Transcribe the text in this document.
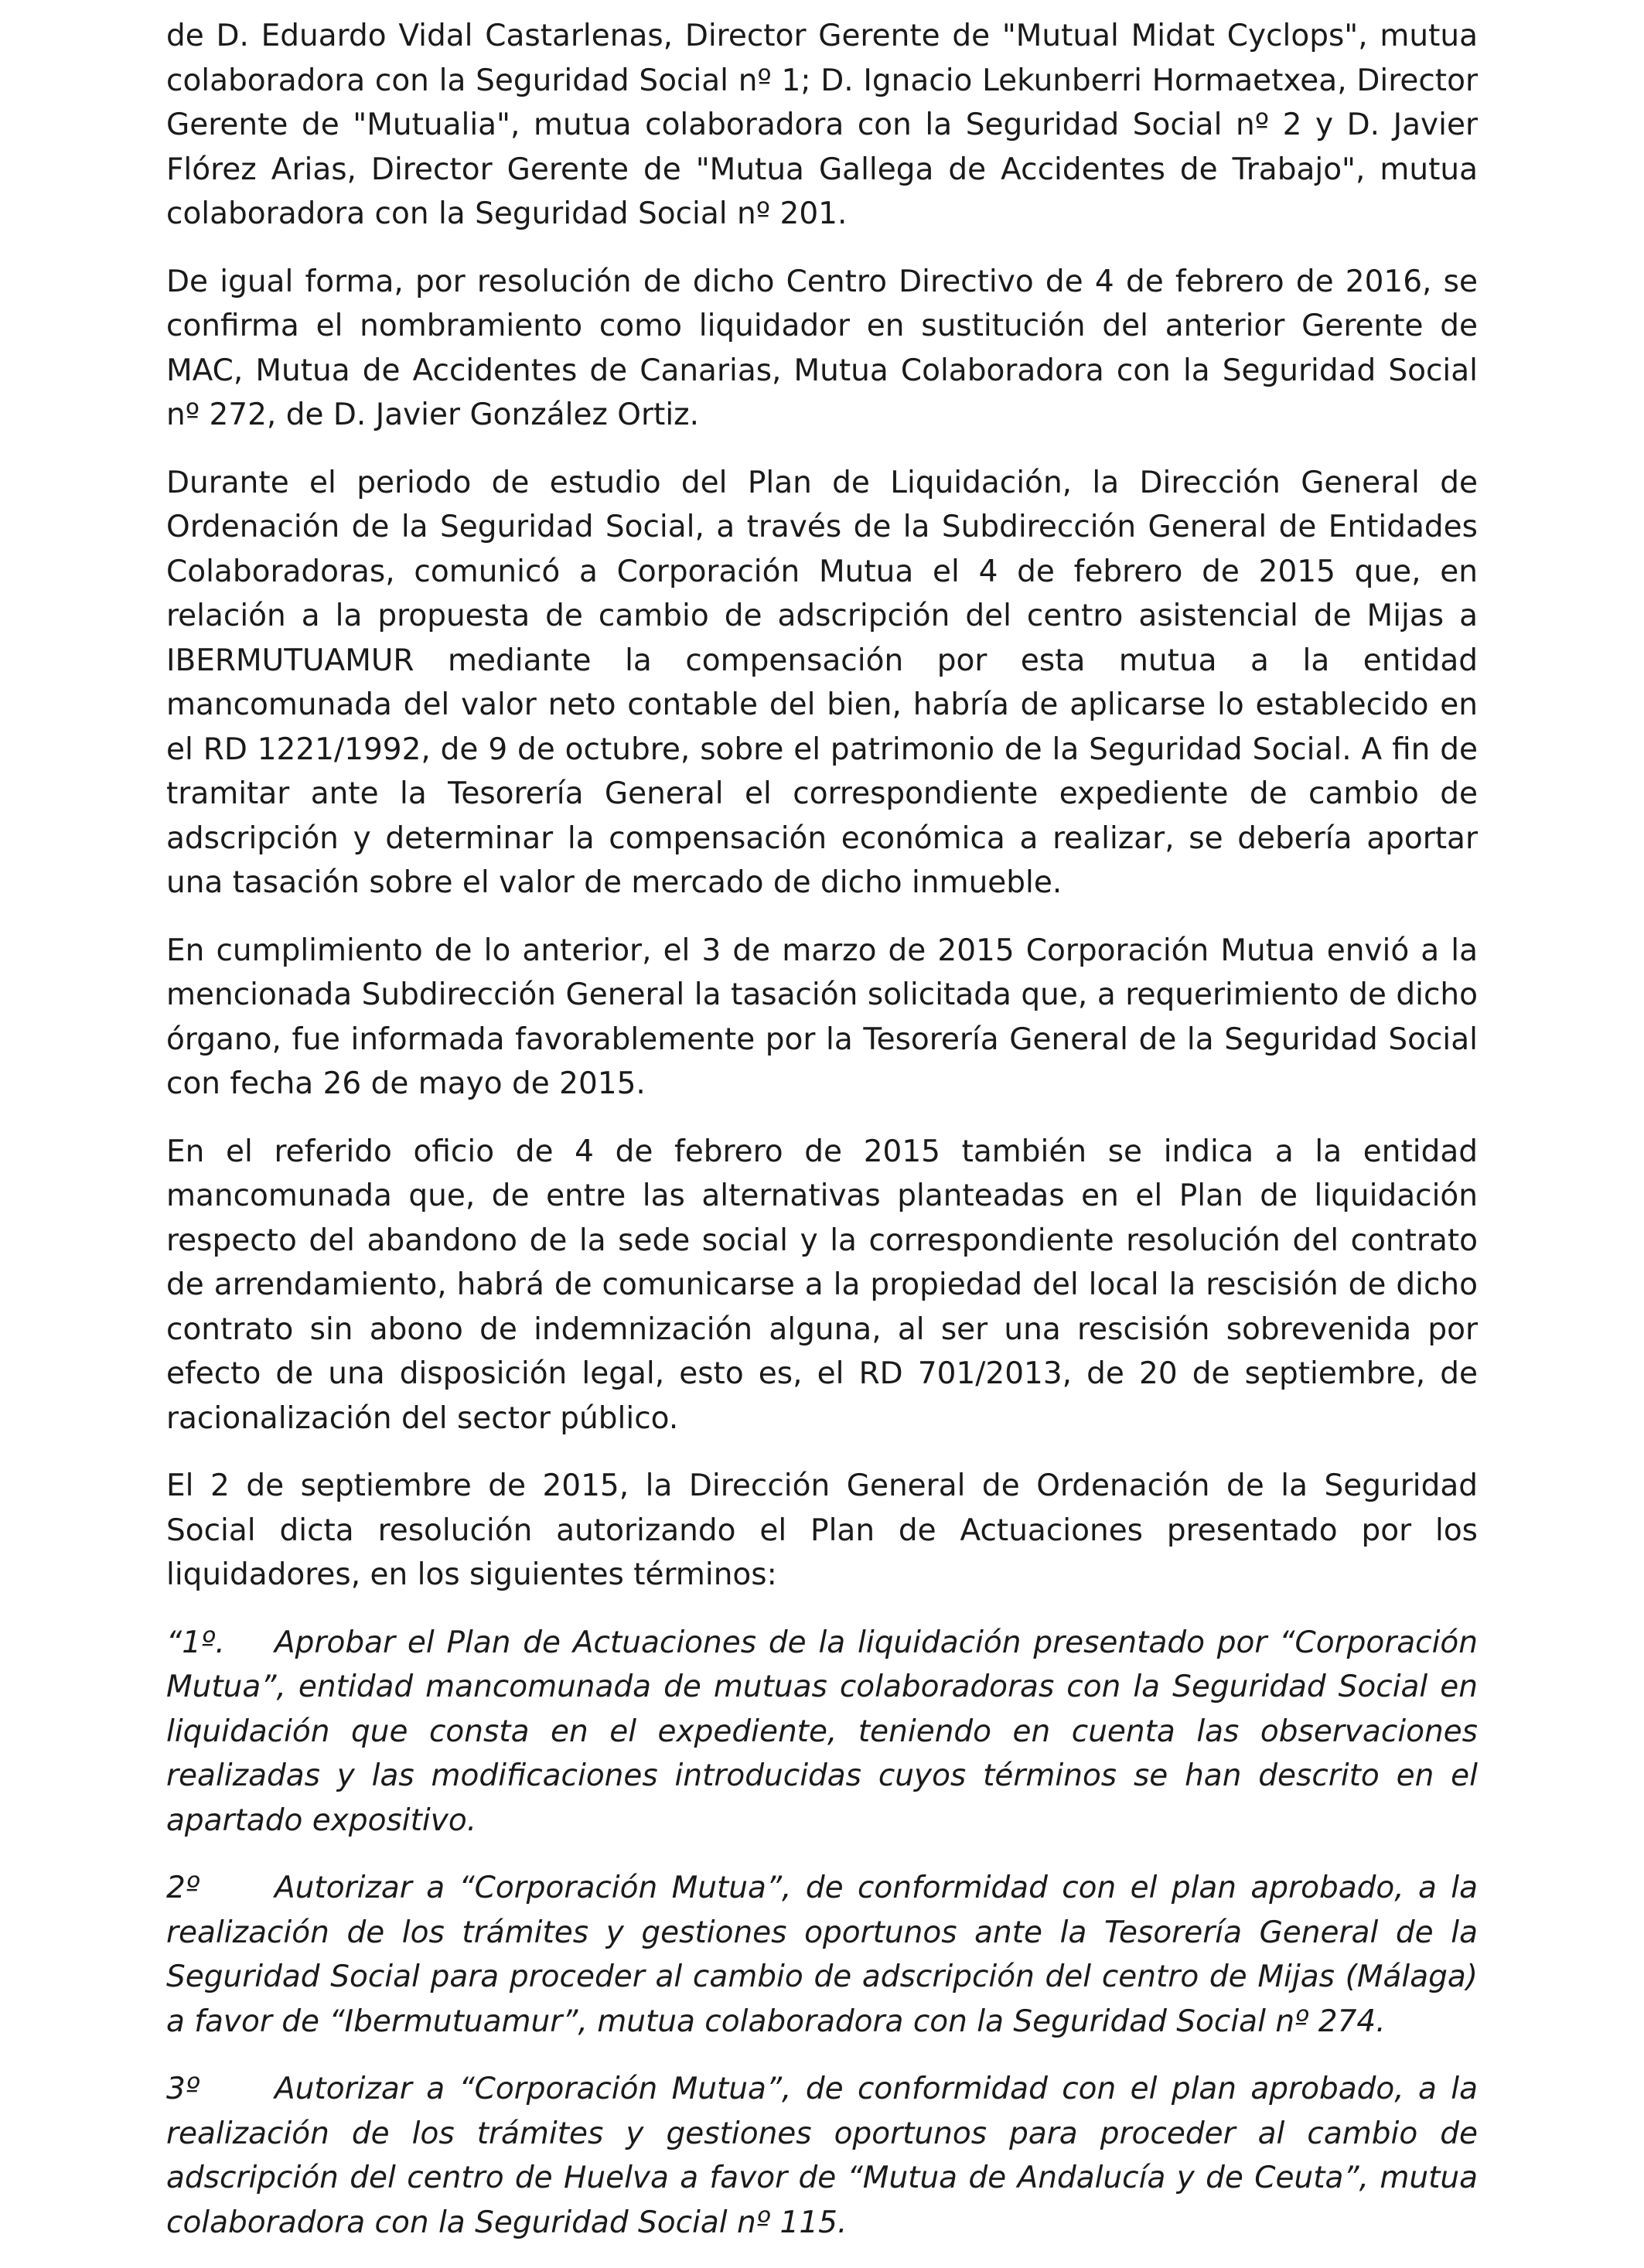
de D. Eduardo Vidal Castarlenas, Director Gerente de "Mutual Midat Cyclops", mutua colaboradora con la Seguridad Social nº 1; D. Ignacio Lekunberri Hormaetxea, Director Gerente de "Mutualia", mutua colaboradora con la Seguridad Social nº 2 y D. Javier Flórez Arias, Director Gerente de "Mutua Gallega de Accidentes de Trabajo", mutua colaboradora con la Seguridad Social nº 201.

De igual forma, por resolución de dicho Centro Directivo de 4 de febrero de 2016, se confirma el nombramiento como liquidador en sustitución del anterior Gerente de MAC, Mutua de Accidentes de Canarias, Mutua Colaboradora con la Seguridad Social nº 272, de D. Javier González Ortiz.

Durante el periodo de estudio del Plan de Liquidación, la Dirección General de Ordenación de la Seguridad Social, a través de la Subdirección General de Entidades Colaboradoras, comunicó a Corporación Mutua el 4 de febrero de 2015 que, en relación a la propuesta de cambio de adscripción del centro asistencial de Mijas a IBERMUTUAMUR mediante la compensación por esta mutua a la entidad mancomunada del valor neto contable del bien, habría de aplicarse lo establecido en el RD 1221/1992, de 9 de octubre, sobre el patrimonio de la Seguridad Social. A fin de tramitar ante la Tesorería General el correspondiente expediente de cambio de adscripción y determinar la compensación económica a realizar, se debería aportar una tasación sobre el valor de mercado de dicho inmueble.

En cumplimiento de lo anterior, el 3 de marzo de 2015 Corporación Mutua envió a la mencionada Subdirección General la tasación solicitada que, a requerimiento de dicho órgano, fue informada favorablemente por la Tesorería General de la Seguridad Social con fecha 26 de mayo de 2015.

En el referido oficio de 4 de febrero de 2015 también se indica a la entidad mancomunada que, de entre las alternativas planteadas en el Plan de liquidación respecto del abandono de la sede social y la correspondiente resolución del contrato de arrendamiento, habrá de comunicarse a la propiedad del local la rescisión de dicho contrato sin abono de indemnización alguna, al ser una rescisión sobrevenida por efecto de una disposición legal, esto es, el RD 701/2013, de 20 de septiembre, de racionalización del sector público.

El 2 de septiembre de 2015, la Dirección General de Ordenación de la Seguridad Social dicta resolución autorizando el Plan de Actuaciones presentado por los liquidadores, en los siguientes términos:

“1º. Aprobar el Plan de Actuaciones de la liquidación presentado por “Corporación Mutua”, entidad mancomunada de mutuas colaboradoras con la Seguridad Social en liquidación que consta en el expediente, teniendo en cuenta las observaciones realizadas y las modificaciones introducidas cuyos términos se han descrito en el apartado expositivo.

2º Autorizar a “Corporación Mutua”, de conformidad con el plan aprobado, a la realización de los trámites y gestiones oportunos ante la Tesorería General de la Seguridad Social para proceder al cambio de adscripción del centro de Mijas (Málaga) a favor de “Ibermutuamur”, mutua colaboradora con la Seguridad Social nº 274.

3º Autorizar a “Corporación Mutua”, de conformidad con el plan aprobado, a la realización de los trámites y gestiones oportunos para proceder al cambio de adscripción del centro de Huelva a favor de “Mutua de Andalucía y de Ceuta”, mutua colaboradora con la Seguridad Social nº 115.
